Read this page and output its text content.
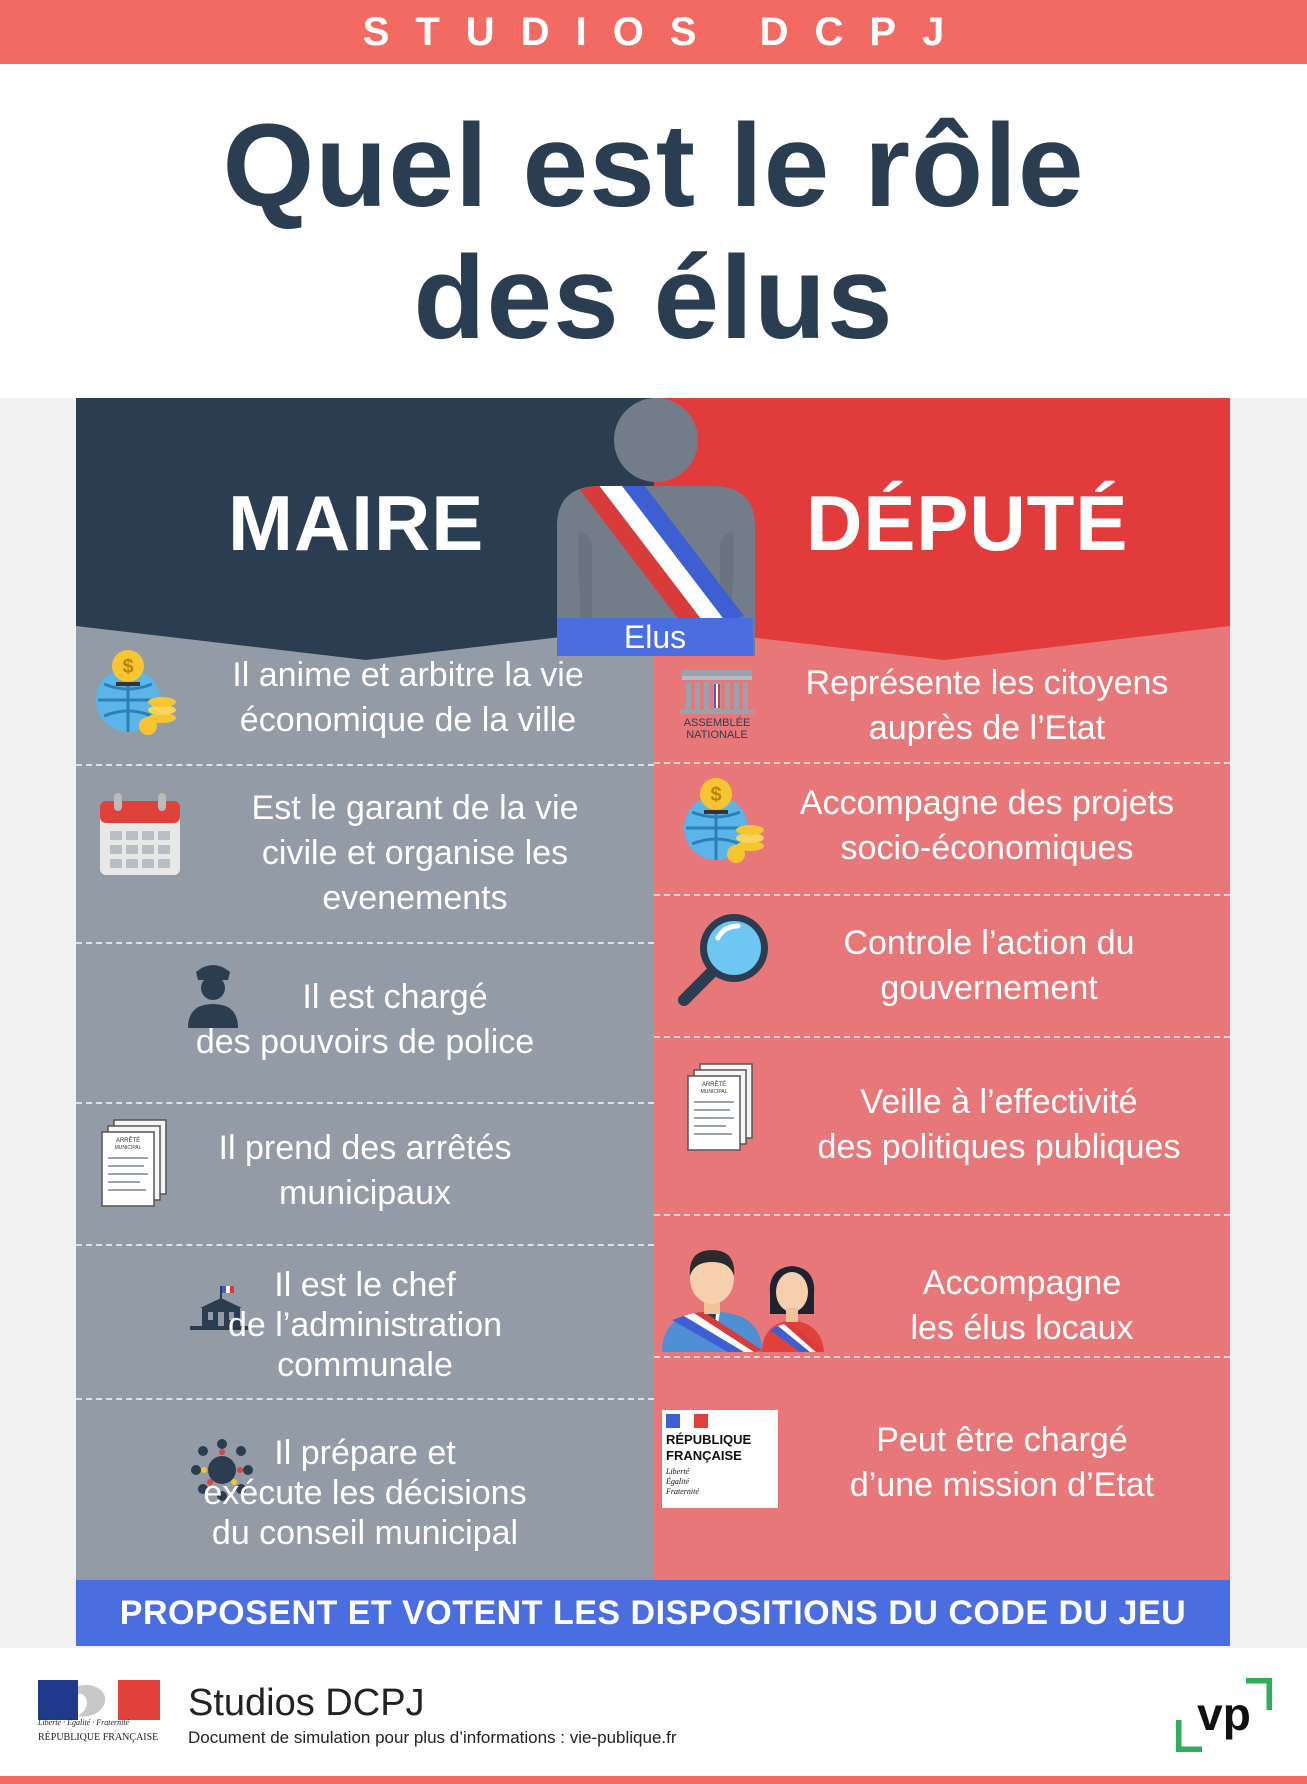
STUDIOS DCPJ
Quel est le rôle
des élus
MAIRE	DÉPUTÉ
Elus
$	Il anime et arbitre la vie
économique de la ville
Est le garant de la vie
civile et organise les
evenements
Il est chargé
des pouvoirs de police
ARRÊTÉ
MUNICIPAL	Il prend des arrêtés
municipaux
Il est le chef
de l’administration
communale
Il prépare et
exécute les décisions
du conseil municipal
ASSEMBLÉE
NATIONALE
Représente les citoyens
auprès de l’Etat
$	Accompagne des projets
socio-économiques
Controle l’action du
gouvernement
ARRÊTÉ
MUNICIPAL	Veille à l’effectivité
des politiques publiques
Accompagne
les élus locaux
RÉPUBLIQUE
FRANÇAISE
Liberté
Égalité
Fraternité
Peut être chargé
d’une mission d’Etat
PROPOSENT ET VOTENT LES DISPOSITIONS DU CODE DU JEU
Liberté · Égalité · Fraternité
RÉPUBLIQUE FRANÇAISE
Studios DCPJ
Document de simulation pour plus d’informations : vie-publique.fr	vp
